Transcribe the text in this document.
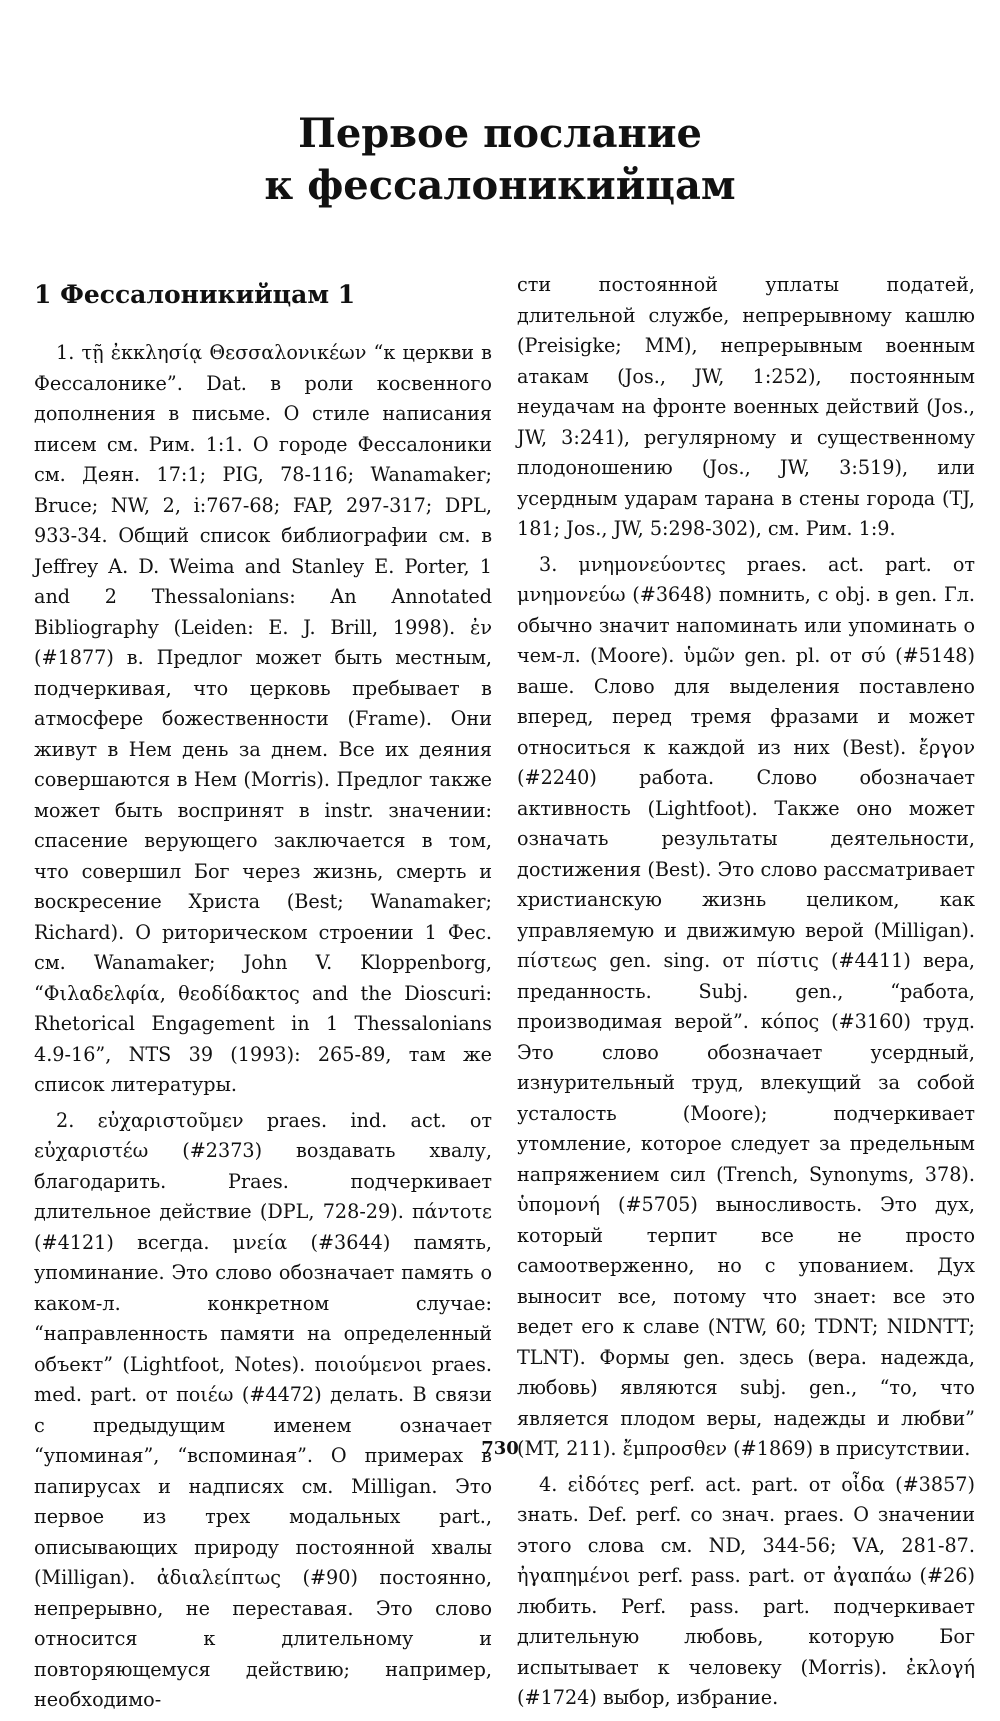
Первое послание
к фессалоникийцам
1 Фессалоникийцам 1

1. τῇ ἐκκλησίᾳ Θεσσαλονικέων “к церкви в Фессалонике”. Dat. в роли косвенного дополнения в письме. О стиле написания писем см. Рим. 1:1. О городе Фессалоники см. Деян. 17:1; PIG, 78-116; Wanamaker; Bruce; NW, 2, i:767-68; FAP, 297-317; DPL, 933-34. Общий список библиографии см. в Jeffrey A. D. Weima and Stanley E. Porter, 1 and 2 Thessalonians: An Annotated Bibliography (Leiden: E. J. Brill, 1998). ἐν (#1877) в. Предлог может быть местным, подчеркивая, что церковь пребывает в атмосфере божественности (Frame). Они живут в Нем день за днем. Все их деяния совершаются в Нем (Morris). Предлог также может быть воспринят в instr. значении: спасение верующего заключается в том, что совершил Бог через жизнь, смерть и воскресение Христа (Best; Wanamaker; Richard). О риторическом строении 1 Фес. см. Wanamaker; John V. Kloppenborg, “Φιλαδελφία, θεοδίδακτος and the Dioscuri: Rhetorical Engagement in 1 Thessalonians 4.9-16”, NTS 39 (1993): 265-89, там же список литературы.

2. εὐχαριστοῦμεν praes. ind. act. от εὐχαριστέω (#2373) воздавать хвалу, благодарить. Praes. подчеркивает длительное действие (DPL, 728-29). πάντοτε (#4121) всегда. μνεία (#3644) память, упоминание. Это слово обозначает память о каком-л. конкретном случае: “направленность памяти на определенный объект” (Lightfoot, Notes). ποιούμενοι praes. med. part. от ποιέω (#4472) делать. В связи с предыдущим именем означает “упоминая”, “вспоминая”. О примерах в папирусах и надписях см. Milligan. Это первое из трех модальных part., описывающих природу постоянной хвалы (Milligan). ἀδιαλείπτως (#90) постоянно, непрерывно, не переставая. Это слово относится к длительному и повторяющемуся действию; например, необходимо-

сти постоянной уплаты податей, длительной службе, непрерывному кашлю (Preisigke; MM), непрерывным военным атакам (Jos., JW, 1:252), постоянным неудачам на фронте военных действий (Jos., JW, 3:241), регулярному и существенному плодоношению (Jos., JW, 3:519), или усердным ударам тарана в стены города (TJ, 181; Jos., JW, 5:298-302), см. Рим. 1:9.

3. μνημονεύοντες praes. act. part. от μνημονεύω (#3648) помнить, с obj. в gen. Гл. обычно значит напоминать или упоминать о чем-л. (Moore). ὑμῶν gen. pl. от σύ (#5148) ваше. Слово для выделения поставлено вперед, перед тремя фразами и может относиться к каждой из них (Best). ἔργον (#2240) работа. Слово обозначает активность (Lightfoot). Также оно может означать результаты деятельности, достижения (Best). Это слово рассматривает христианскую жизнь целиком, как управляемую и движимую верой (Milligan). πίστεως gen. sing. от πίστις (#4411) вера, преданность. Subj. gen., “работа, производимая верой”. κόπος (#3160) труд. Это слово обозначает усердный, изнурительный труд, влекущий за собой усталость (Moore); подчеркивает утомление, которое следует за предельным напряжением сил (Trench, Synonyms, 378). ὑπομονή (#5705) выносливость. Это дух, который терпит все не просто самоотверженно, но с упованием. Дух выносит все, потому что знает: все это ведет его к славе (NTW, 60; TDNT; NIDNTT; TLNT). Формы gen. здесь (вера. надежда, любовь) являются subj. gen., “то, что является плодом веры, надежды и любви” (MT, 211). ἔμπροσθεν (#1869) в присутствии.

4. εἰδότες perf. act. part. от οἶδα (#3857) знать. Def. perf. со знач. praes. О значении этого слова см. ND, 344-56; VA, 281-87. ἠγαπημένοι perf. pass. part. от ἀγαπάω (#26) любить. Perf. pass. part. подчеркивает длительную любовь, которую Бог испытывает к человеку (Morris). ἐκλογή (#1724) выбор, избрание.

730
